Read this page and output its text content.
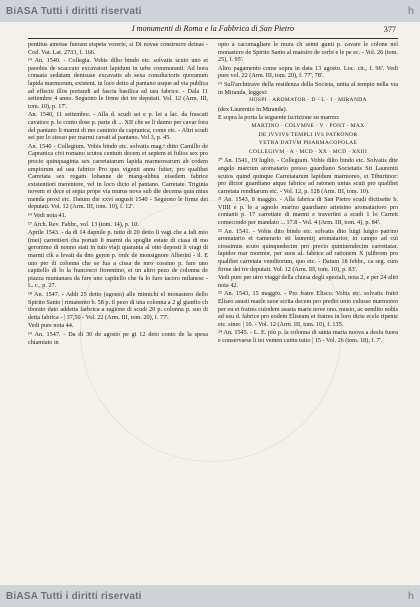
BiASA Tutti i diritti riservati	h
I monumenti di Roma e la Fabbrica di San Pietro	377

pentitus amotae fuerant eispeta vorerie, si Di novae construcre deinas - Cod. Vat. Lat. 2733, f. 166.

¹⁹ An. 1540. - Collegia. Vobis dilto bindo etc. solvatis scuto uno et paoobis de scaccuto excavatori lapidum in urbe commoranti. Ad hora conaata sedatam denisuae excavatis ab sexa consductoris quoranum lapida marmorum, existent. in loco detto al pantano usque ad via publica ad effectu illos portandi ad fascia basilica ad usu fabrice. - Dala 11 settembre 4 anno. Seguono le firme dei tre deputati. Vol. 12 (Arm. III, tom. 10), p. 17'.

An. 1540, 11 settembre. - Alla d. scudi sei e p. let a lac. da frascati cavatore p. lo conto dose p. parte di ... XII che se li danno per cavar fora del pantano li marmi di mo caminio da capranica, come etc. - Altri scudi sei per lo stesso per marmi cavati al pantano. Vol 3, p. 45.

An. 1540 - Collegium. Vobis bindo etc. solvatis mag.ᵒ ditto Camillo de Capranica civi romano scutos centum decem et septem et fulios sex pro precio quinquaginta sex carretatarum lapida marmorearum ab codem empiorum ad usu fabrice Pro quo vigenti annu fuiter, pro qualibet Carretata sex rogam lohanne de mang-ubbus eisedem fabrice existentiori merentore, vel in loco dicto el pantano. Carretate. Triginta novem et dece et septa prope via murus nova sub die decema quta mius menda proxi etc. Datum die xxvi augusti 1540 - Seguono le firme dei deputati. Vol. 12 (Arm. III, tom. 10), f. 12'.

¹⁹ Vedi nota 41.

¹⁷ Arch. Rev. Fabbr., vol. 13 (tom. 14), p. 10.

Aprile 1543. - da di 14 dapnile p. tutto di 20 detto li vagi che a fali mio (mei) carrettieri cha portati li marmi da spoglie estate di ciasa di mo geronimo di nonno stati in tuto viaji quaranta al otto deposti li viagi di marmi cik a levati da dno geron p. ordc de monsignore Alberini - il. E uno per di colonna che se fua a cissa de mro cossino p. fare uno capitello di lo la francesco fiorentino, et un altro pezo de colonna de piazza muntanara da fare uno capitello che fa lo furo iacoro milanese - L. c., p. 27.

¹⁸ An. 1547. - Addi 25 detto (agosto) alle mimichi el monastero dello Spirito Santo | rimanento b. 58 p. il pezo di una colonna a 2 gl gianfio ch iborato dato addetta farbrica a ragione di scudi 20 p. colonna p. suo di detta fabrica - | 37,50 - Vol. 22 (Arm. III, tom. 20), f. 77'.

Vedi pure nota 44.

¹⁹ An. 1547. - Da di 30 de agosto pe gi 12 deto conto de la spesa chiamiato in

opto a cacomagliare le mura ch senni gunti p. cavare le colone nel monastero de Spirito Santo al maesiro de cerbi e le pe ec. - Vol. 26 (tom. 25), f. 95'.

Altro pagamento come sopra in data 13 agosto. Loc. cit., f. 96'. Vedi pure vol. 22 (Arm. III, tom. 20), f. 77', 78'.

¹⁹ Sull'architrave della residenza della Societa, unita al tempio nella via in Miranda, leggesi:

HOSPI · AROMATOR · D · L · I · MIRANDA

(dex Laurentio in Miranda).

E sopra la porta la seguente iscrizione su marmo:

MARTINO · COLVMNE · V · PONT · MAX
DE IVVIVS TEMPLI IVS PATRONOR
VETRA DATVM PHARMACOPOLAE
COLLEGIVM · A · MCD · XX · MCD · XXIII

²⁰ An. 1541, 19 luglio. - Collegium. Vobis dilto bindo etc. Solvatis dite angelo marcum aromatario presso guardiano Societatis Sti Laurentii scutos quind quinque Carretatarum lapidum marmoreo, et Tiburtinor: pro dictor guardiano atque fabrice ad ratonen unius scuti pro qualibet carretata renditarum etc. - Vol. 12, p. 128 (Arm. III, tom. 10).

²¹ An. 1543, 8 maggio. - Alla fabrica di San Pietro scudi dictisette b. VIIII e p. le a agnolo marino guardiano arietsino aromatarioro pro contanti p. 17 carrettate di marmi e travertini a scudi 1 lo Carrett comecondo per mandato ... 17.8 - Vol. 4 (Arm. III, tom. 4), p. 84'.

²² An. 1541. - Vobis dito bindo etc. solvatis dito luigi luigio patrino aromatario et camerario sti laurentij aromatarior, in campo ad cui ciossimus scuto quinquedecim pro precio quintuendecim carrettatar. lapidor mar mormor, per suos al. fabrice ad rationem X julibrom pro qualibet carretata venditorum, quo etc. - Datum 18 febbr., ca seg. cum firme dei tre deputati. Vol. 12 (Arm. III, tom. 10), p. 83'.

Vedi pure per utro viaggi della chiesa degli speziali, nota 2, e per 24 altri nota 42.

²³ An. 1543, 15 maggio. - Pro fratre Elisco. Vobis etc. solvatis fratri Eliseo asusti maele suoe scrita decem pro predio unio culusse marmoreo per eu et fratres cuiodem asasta marie nove ono. musto, ac uendito nobis ad usu d. fabrice pro eodem Eliseum et fratres in loro dicte ecele ripente etc. sinec | 10. - Vol. 12 (Arm. III, tom. 10), f. 135.

²⁴ An. 1545. - L. E. più p. la colonna di santa maria nuova a desfa fuora e conservarse li tei vemen cuntu tutto | 15 - Vol. 26 (tom. 18), f. 7'.

BiASA Tutti i diritti riservati	h
